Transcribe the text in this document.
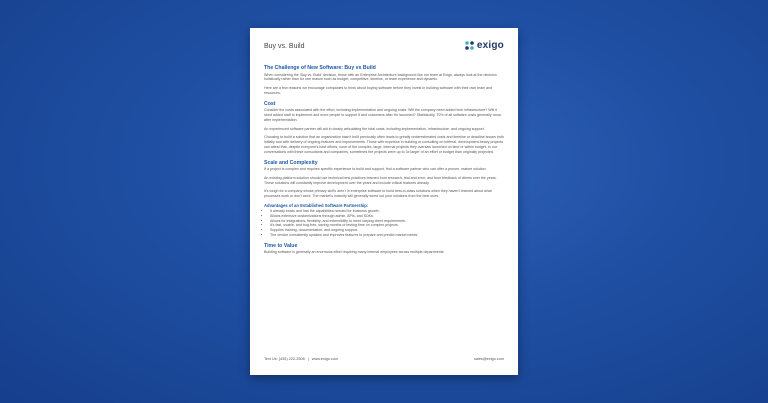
Buy vs. Build	exigo
The Challenge of New Software: Buy vs Build

When considering the 'Buy vs. Build' decision, those with an Enterprise Architecture background like our team at Exigo, always look at the decision holistically rather than for one reason such as budget, competitive, timeline, or team experience and dynamic.

Here are a few reasons we encourage companies to think about buying software before they invest in building software with their own team and resources.

Cost

Consider the costs associated with the effort, including implementation and ongoing costs. Will the company need added tech infrastructure? Will it need added staff to implement and more people to support it and customers after it's launched? Statistically, 70% of all software costs generally occur after implementation.

An experienced software partner will aid in clearly articulating the total costs, including implementation, infrastructure, and ongoing support.

Choosing to build a solution that an organization hasn't built previously often leads to greatly underestimated costs and timeline or deadline issues both initially and with delivery of ongoing features and improvements. Those with expertise in building or consulting on internal, development-heavy projects can attest that, despite everyone's best efforts, none of the complex, large, internal projects they oversaw launched on time or within budget. In our conversations with these consultants and companies, sometimes the projects were up to 3x larger of an effort or budget than originally projected.

Scale and Complexity

If a project is complex and requires specific experience to build and support, find a software partner who can offer a proven, mature solution.

An existing platform solution should use technical best practices learned from research, trial and error, and from feedback of clients over the years. These solutions will constantly improve development over the years and include critical features already.

It's tough for a company whose primary skill's aren't in enterprise software to build best-in-class solutions when they haven't learned about what processes work or don't work. The market's maturity will generally weed out poor solutions from the best ones.

Advantages of an Established Software Partnership:
• It already exists and has the capabilities needed for business growth.
• Allows extensive customizations through admin, APIs, and SDKs.
• Allows for integrations, flexibility, and extensibility to meet varying client requirements.
• It's fast, usable, and bug-free, saving months of testing time on complex projects.
• Supplies training, documentation, and ongoing support.
• The vendor consistently updates and improves features to prepare and predict market needs.
Time to Value

Building software is generally an enormous effort requiring many internal employees across multiple departments

Text Us: (435) 222-2508 | www.exigo.com	sales@exigo.com
